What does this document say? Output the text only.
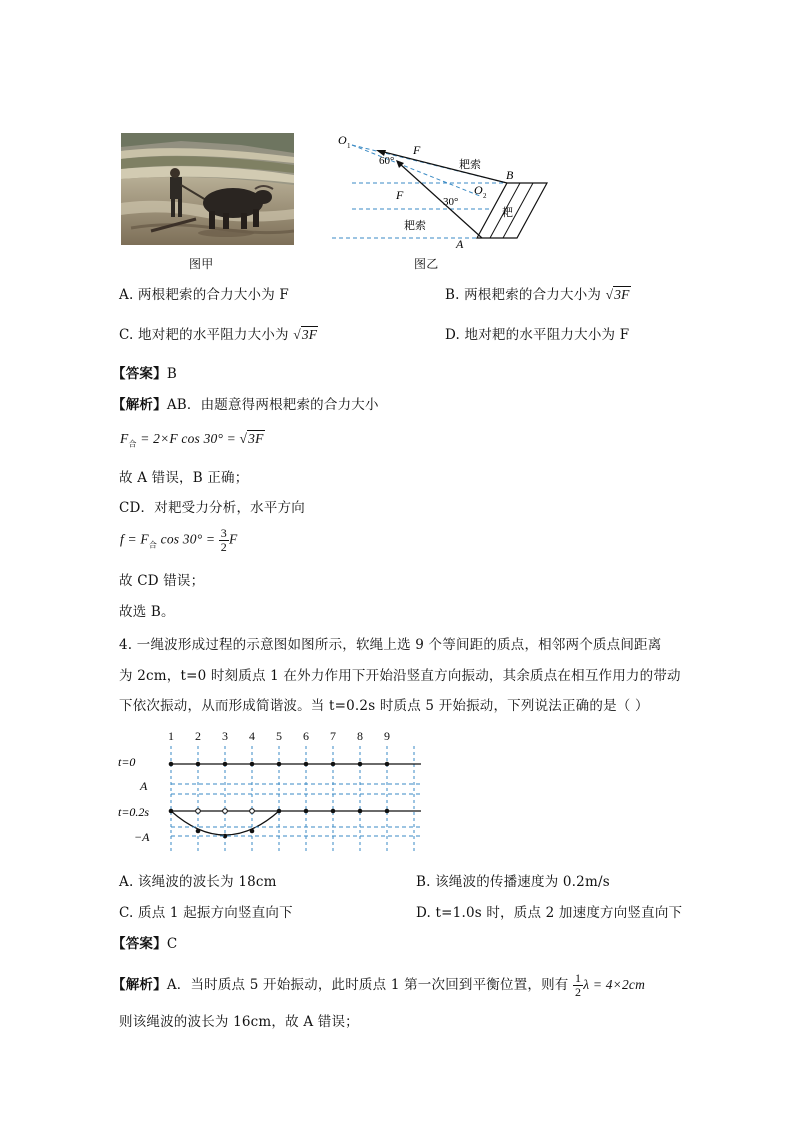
图甲
O 1	F
60°	耙索
B
F	O 2
30°
耙
耙索
A
图乙
A. 两根耙索的合力大小为 F	B. 两根耙索的合力大小为 √3F
C. 地对耙的水平阻力大小为 √3F	D. 地对耙的水平阻力大小为 F
【答案】B
【解析】AB．由题意得两根耙索的合力大小
$F_合 = 2\times F$ cos 30° = √3F
故 A 错误，B 正确；
CD．对耙受力分析，水平方向
$f = F_合$ $\cos 30^\circ = \frac{3}{2}$ F
故 CD 错误；
故选 B。
4. 一绳波形成过程的示意图如图所示，软绳上选 9 个等间距的质点，相邻两个质点间距离
为 2cm，t=0 时刻质点 1 在外力作用下开始沿竖直方向振动，其余质点在相互作用力的带动
下依次振动，从而形成简谐波。当 t=0.2s 时质点 5 开始振动，下列说法正确的是（ ）
1 2 3 4 5 6 7 8 9
t=0
A
t=0.2s
−A
A. 该绳波的波长为 18cm	B. 该绳波的传播速度为 0.2m/s
C. 质点 1 起振方向竖直向下	D. t=1.0s 时，质点 2 加速度方向竖直向下
【答案】C
【解析】A．当时质点 5 开始振动，此时质点 1 第一次回到平衡位置，则有 $\frac{1}{2}$ λ = 4×2cm
则该绳波的波长为 16cm，故 A 错误；
